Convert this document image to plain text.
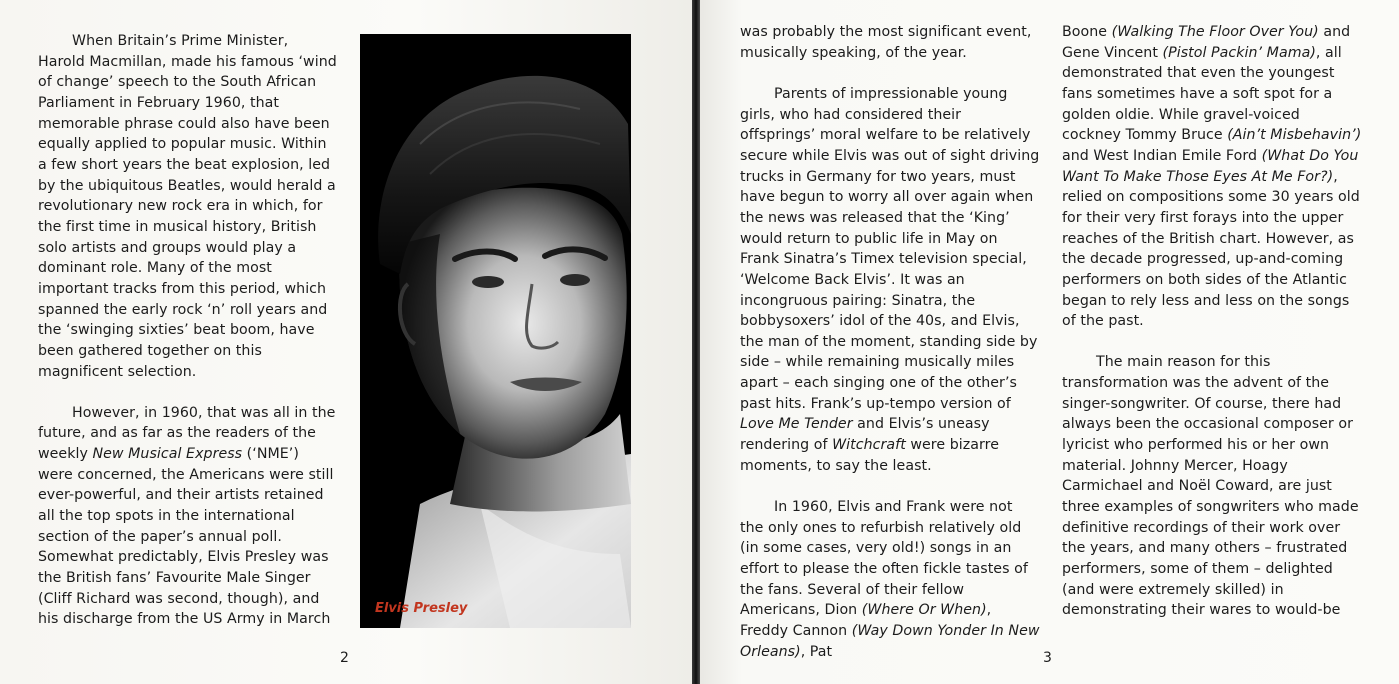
When Britain’s Prime Minister, Harold Macmillan, made his famous ‘wind of change’ speech to the South African Parliament in February 1960, that memorable phrase could also have been equally applied to popular music. Within a few short years the beat explosion, led by the ubiquitous Beatles, would herald a revolutionary new rock era in which, for the first time in musical history, British solo artists and groups would play a dominant role. Many of the most important tracks from this period, which spanned the early rock ‘n’ roll years and the ‘swinging sixties’ beat boom, have been gathered together on this magnificent selection.

However, in 1960, that was all in the future, and as far as the readers of the weekly New Musical Express (‘NME’) were concerned, the Americans were still ever-powerful, and their artists retained all the top spots in the international section of the paper’s annual poll. Somewhat predictably, Elvis Presley was the British fans’ Favourite Male Singer (Cliff Richard was second, though), and his discharge from the US Army in March

Elvis Presley
2

was probably the most significant event, musically speaking, of the year.

Parents of impressionable young girls, who had considered their offsprings’ moral welfare to be relatively secure while Elvis was out of sight driving trucks in Germany for two years, must have begun to worry all over again when the news was released that the ‘King’ would return to public life in May on Frank Sinatra’s Timex television special, ‘Welcome Back Elvis’. It was an incongruous pairing: Sinatra, the bobbysoxers’ idol of the 40s, and Elvis, the man of the moment, standing side by side – while remaining musically miles apart – each singing one of the other’s past hits. Frank’s up-tempo version of Love Me Tender and Elvis’s uneasy rendering of Witchcraft were bizarre moments, to say the least.

In 1960, Elvis and Frank were not the only ones to refurbish relatively old (in some cases, very old!) songs in an effort to please the often fickle tastes of the fans. Several of their fellow Americans, Dion (Where Or When), Freddy Cannon (Way Down Yonder In New Orleans), Pat

Boone (Walking The Floor Over You) and Gene Vincent (Pistol Packin’ Mama), all demonstrated that even the youngest fans sometimes have a soft spot for a golden oldie. While gravel-voiced cockney Tommy Bruce (Ain’t Misbehavin’) and West Indian Emile Ford (What Do You Want To Make Those Eyes At Me For?), relied on compositions some 30 years old for their very first forays into the upper reaches of the British chart. However, as the decade progressed, up-and-coming performers on both sides of the Atlantic began to rely less and less on the songs of the past.

The main reason for this transformation was the advent of the singer-songwriter. Of course, there had always been the occasional composer or lyricist who performed his or her own material. Johnny Mercer, Hoagy Carmichael and Noël Coward, are just three examples of songwriters who made definitive recordings of their work over the years, and many others – frustrated performers, some of them – delighted (and were extremely skilled) in demonstrating their wares to would-be

3
